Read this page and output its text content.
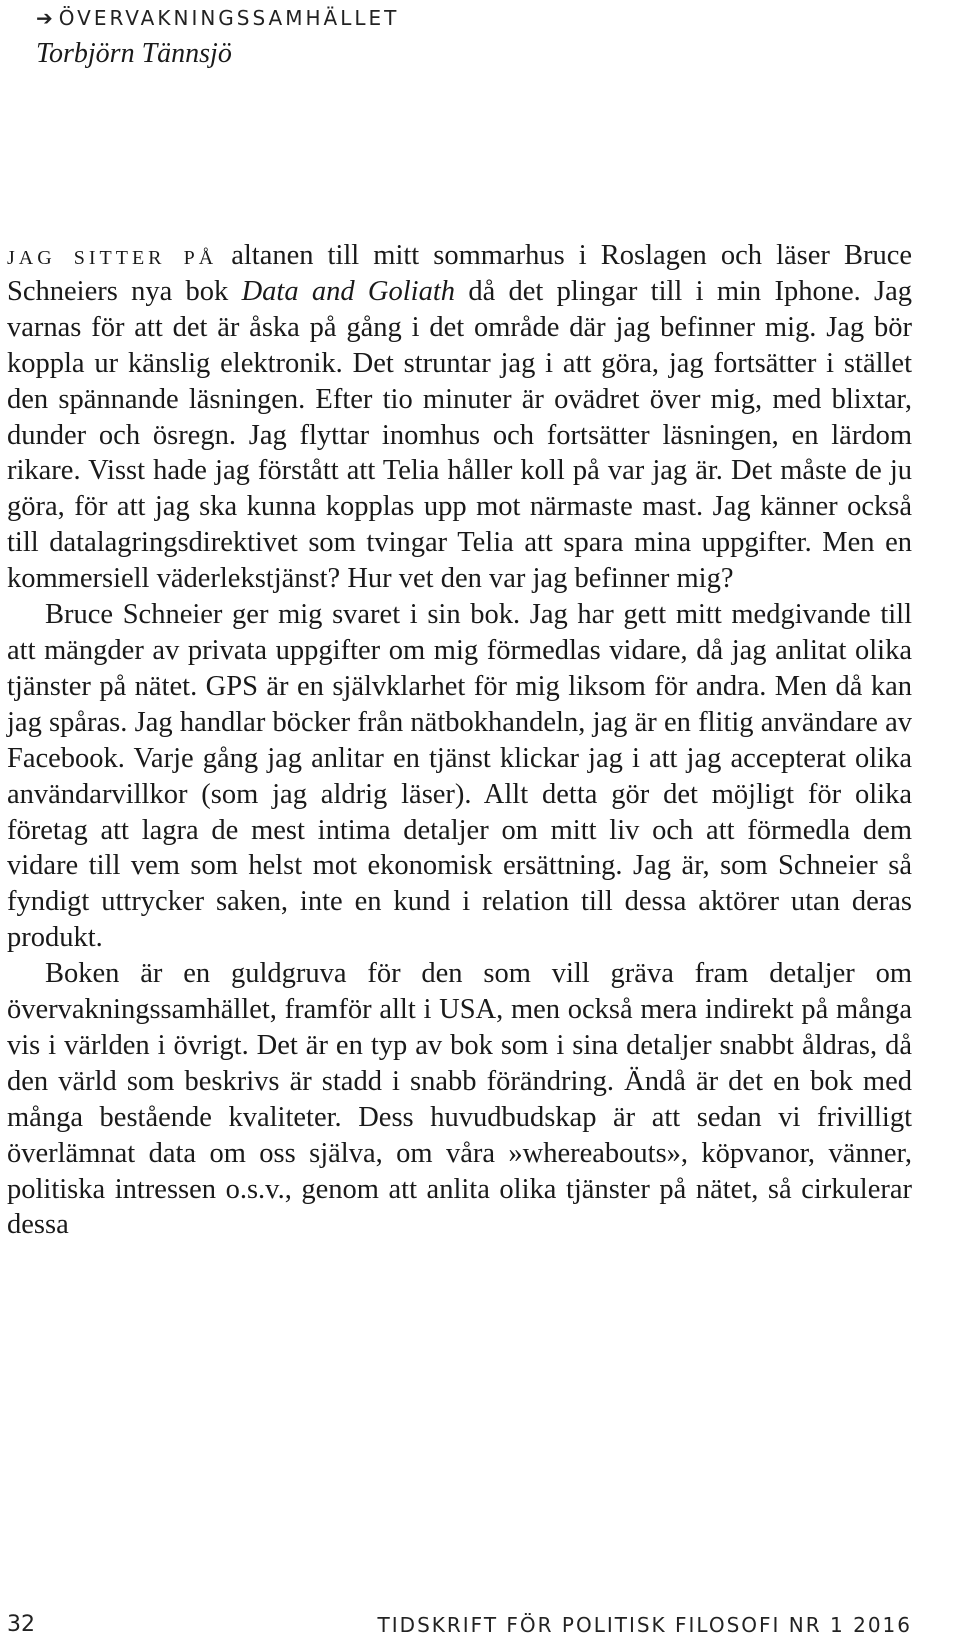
➔ ÖVERVAKNINGSSAMHÄLLET
Torbjörn Tännsjö

jag sitter på altanen till mitt sommarhus i Roslagen och läser Bruce Schneiers nya bok Data and Goliath då det plingar till i min Iphone. Jag varnas för att det är åska på gång i det område där jag befinner mig. Jag bör koppla ur känslig elektronik. Det struntar jag i att göra, jag fortsätter i stället den spännande läsningen. Efter tio minuter är ovädret över mig, med blixtar, dunder och ösregn. Jag flyttar inomhus och fortsätter läsningen, en lärdom rikare. Visst hade jag förstått att Telia håller koll på var jag är. Det måste de ju göra, för att jag ska kunna kopplas upp mot närmaste mast. Jag känner också till datalagringsdirektivet som tvingar Telia att spara mina uppgifter. Men en kommersiell väderlekstjänst? Hur vet den var jag befinner mig?

Bruce Schneier ger mig svaret i sin bok. Jag har gett mitt medgivande till att mängder av privata uppgifter om mig förmedlas vidare, då jag anlitat olika tjänster på nätet. GPS är en självklarhet för mig liksom för andra. Men då kan jag spåras. Jag handlar böcker från nätbokhandeln, jag är en flitig användare av Facebook. Varje gång jag anlitar en tjänst klickar jag i att jag accepterat olika användarvillkor (som jag aldrig läser). Allt detta gör det möjligt för olika företag att lagra de mest intima detaljer om mitt liv och att förmedla dem vidare till vem som helst mot ekonomisk ersättning. Jag är, som Schneier så fyndigt uttrycker saken, inte en kund i relation till dessa aktörer utan deras produkt.

Boken är en guldgruva för den som vill gräva fram detaljer om övervakningssamhället, framför allt i USA, men också mera indirekt på många vis i världen i övrigt. Det är en typ av bok som i sina detaljer snabbt åldras, då den värld som beskrivs är stadd i snabb förändring. Ändå är det en bok med många bestående kvaliteter. Dess huvudbudskap är att sedan vi frivilligt överlämnat data om oss själva, om våra »whereabouts», köpvanor, vänner, politiska intressen o.s.v., genom att anlita olika tjänster på nätet, så cirkulerar dessa

32	TIDSKRIFT FÖR POLITISK FILOSOFI NR 1 2016
